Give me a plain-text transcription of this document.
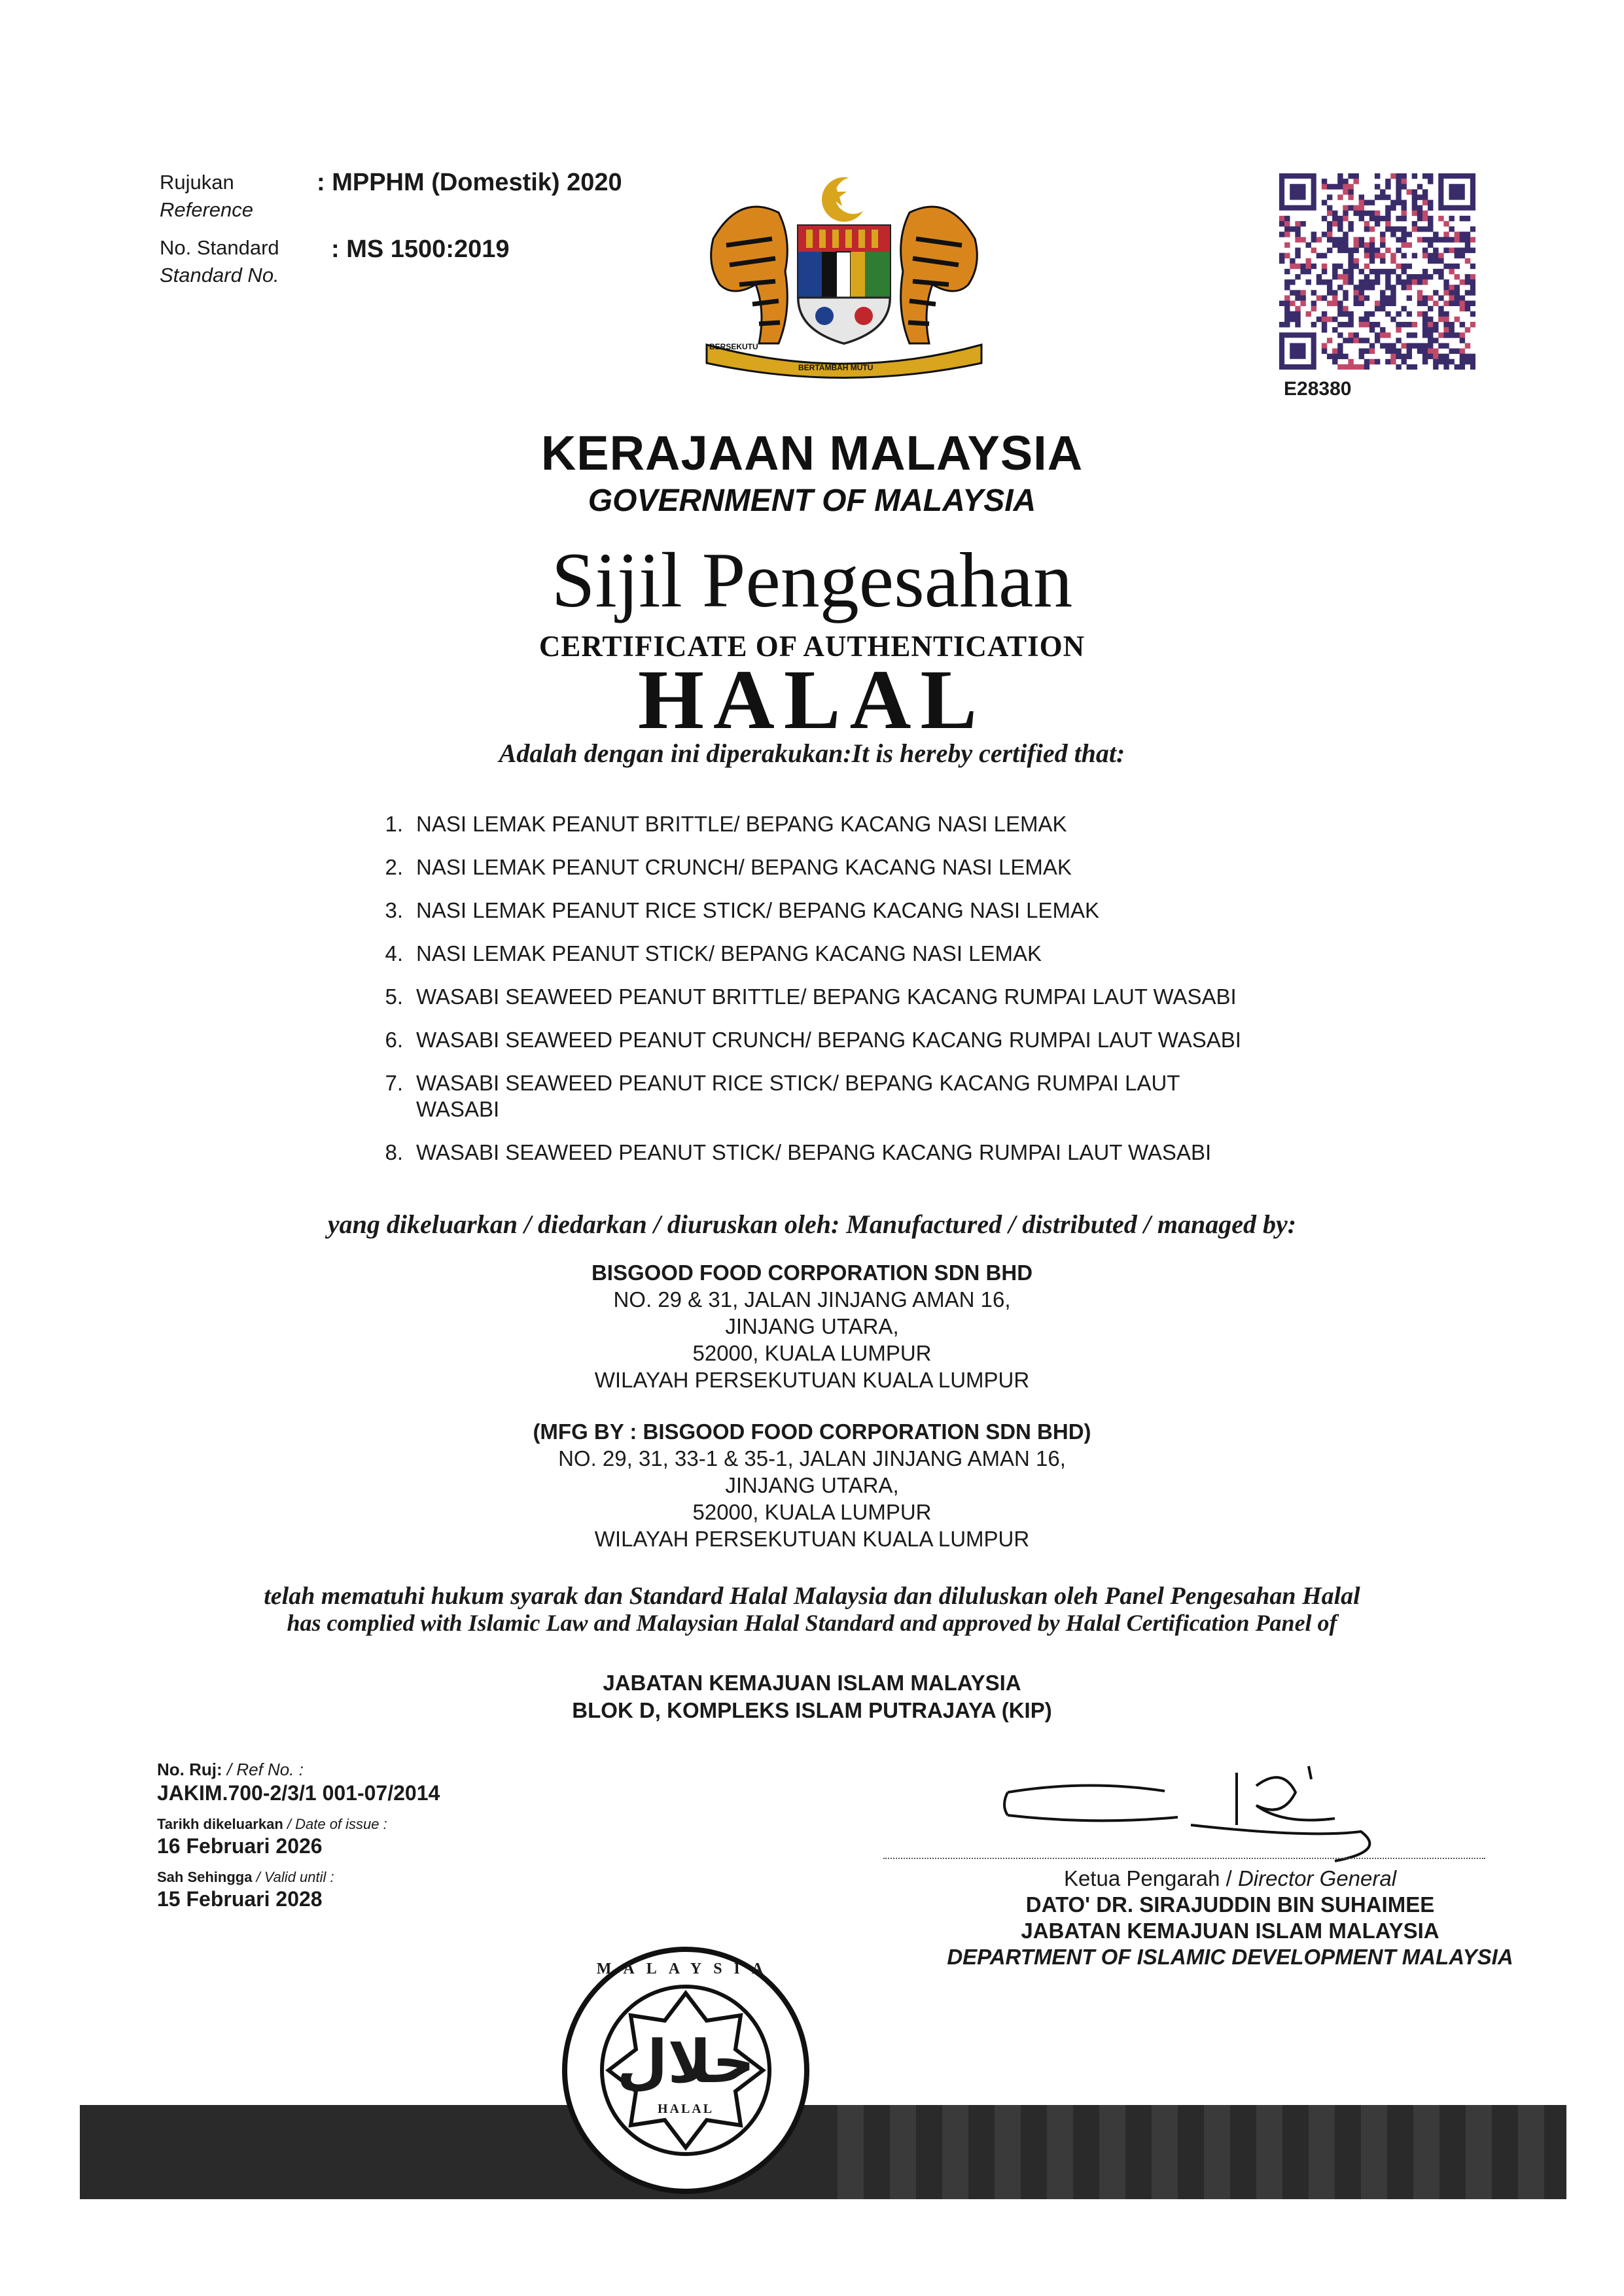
Rujukan
Reference
: MPPHM (Domestik) 2020
No. Standard
Standard No.
: MS 1500:2019
BERSEKUTU
BERTAMBAH MUTU
E28380
KERAJAAN MALAYSIA
GOVERNMENT OF MALAYSIA
Sijil Pengesahan
CERTIFICATE OF AUTHENTICATION
HALAL
Adalah dengan ini diperakukan:It is hereby certified that:
1. NASI LEMAK PEANUT BRITTLE/ BEPANG KACANG NASI LEMAK
2. NASI LEMAK PEANUT CRUNCH/ BEPANG KACANG NASI LEMAK
3. NASI LEMAK PEANUT RICE STICK/ BEPANG KACANG NASI LEMAK
4. NASI LEMAK PEANUT STICK/ BEPANG KACANG NASI LEMAK
5. WASABI SEAWEED PEANUT BRITTLE/ BEPANG KACANG RUMPAI LAUT WASABI
6. WASABI SEAWEED PEANUT CRUNCH/ BEPANG KACANG RUMPAI LAUT WASABI
7. WASABI SEAWEED PEANUT RICE STICK/ BEPANG KACANG RUMPAI LAUT WASABI
8. WASABI SEAWEED PEANUT STICK/ BEPANG KACANG RUMPAI LAUT WASABI
yang dikeluarkan / diedarkan / diuruskan oleh: Manufactured / distributed / managed by:
BISGOOD FOOD CORPORATION SDN BHD
NO. 29 & 31, JALAN JINJANG AMAN 16,
JINJANG UTARA,
52000, KUALA LUMPUR
WILAYAH PERSEKUTUAN KUALA LUMPUR
(MFG BY : BISGOOD FOOD CORPORATION SDN BHD)
NO. 29, 31, 33-1 & 35-1, JALAN JINJANG AMAN 16,
JINJANG UTARA,
52000, KUALA LUMPUR
WILAYAH PERSEKUTUAN KUALA LUMPUR
telah mematuhi hukum syarak dan Standard Halal Malaysia dan diluluskan oleh Panel Pengesahan Halal
has complied with Islamic Law and Malaysian Halal Standard and approved by Halal Certification Panel of
JABATAN KEMAJUAN ISLAM MALAYSIA
BLOK D, KOMPLEKS ISLAM PUTRAJAYA (KIP)
No. Ruj: / Ref No. :
JAKIM.700-2/3/1 001-07/2014
Tarikh dikeluarkan / Date of issue :
16 Februari 2026
Sah Sehingga / Valid until :
15 Februari 2028
Ketua Pengarah / Director General
DATO' DR. SIRAJUDDIN BIN SUHAIMEE
JABATAN KEMAJUAN ISLAM MALAYSIA
DEPARTMENT OF ISLAMIC DEVELOPMENT MALAYSIA
MALAYSIA
حلال
HALAL
